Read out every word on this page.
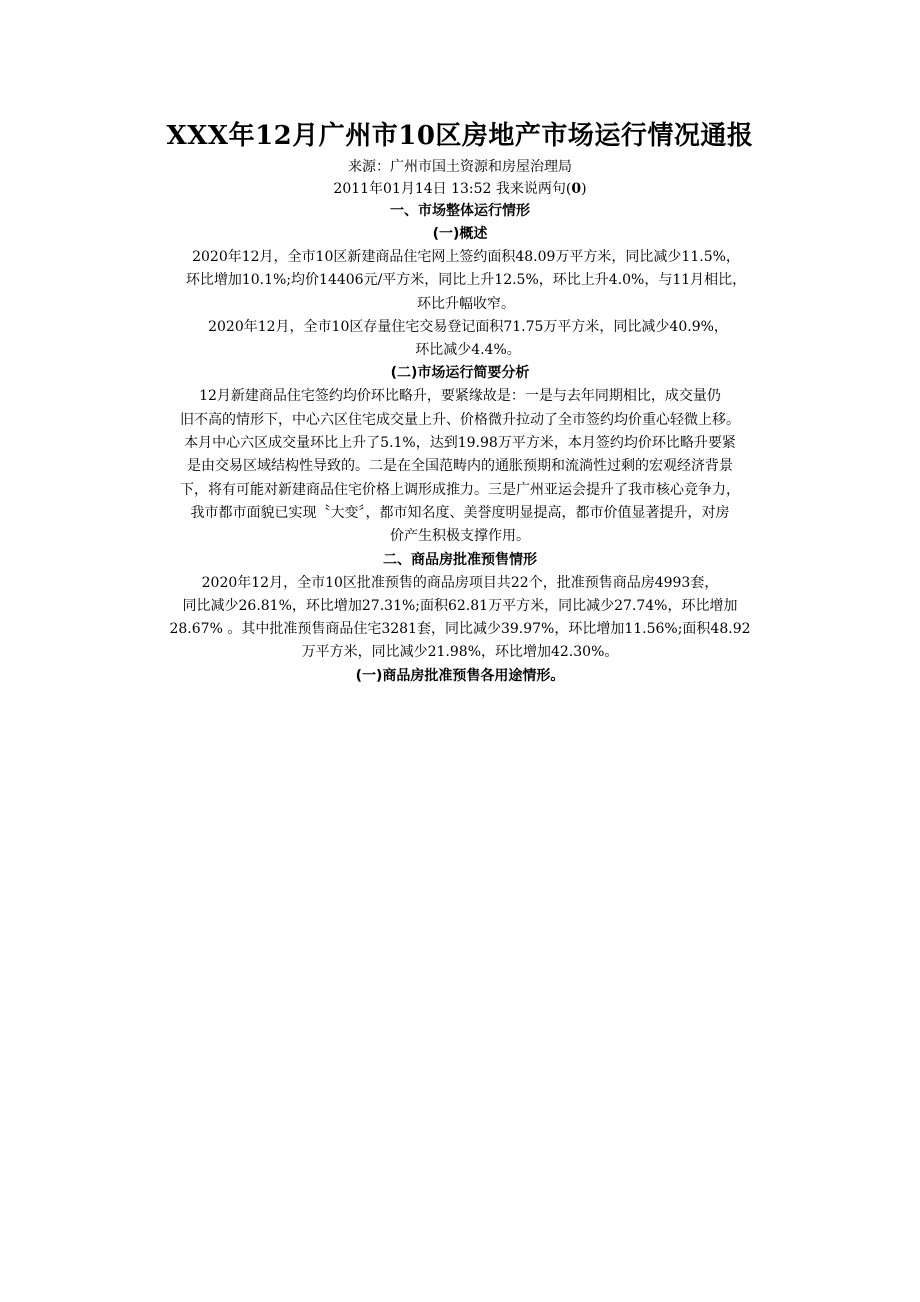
XXX年12月广州市10区房地产市场运行情况通报

来源：广州市国土资源和房屋治理局

2011年01月14日 13:52 我来说两句(0)

一、市场整体运行情形
(一)概述

2020年12月，全市10区新建商品住宅网上签约面积48.09万平方米，同比减少11.5%，
环比增加10.1%;均价14406元/平方米，同比上升12.5%，环比上升4.0%，与11月相比，
环比升幅收窄。

2020年12月，全市10区存量住宅交易登记面积71.75万平方米，同比减少40.9%，
环比减少4.4%。

(二)市场运行简要分析

12月新建商品住宅签约均价环比略升，要紧缘故是：一是与去年同期相比，成交量仍
旧不高的情形下，中心六区住宅成交量上升、价格微升拉动了全市签约均价重心轻微上移。
本月中心六区成交量环比上升了5.1%，达到19.98万平方米，本月签约均价环比略升要紧
是由交易区域结构性导致的。二是在全国范畴内的通胀预期和流淌性过剩的宏观经济背景
下，将有可能对新建商品住宅价格上调形成推力。三是广州亚运会提升了我市核心竞争力，
我市都市面貌已实现〝大变〞，都市知名度、美誉度明显提高，都市价值显著提升，对房
价产生积极支撑作用。

二、商品房批准预售情形

2020年12月，全市10区批准预售的商品房项目共22个，批准预售商品房4993套，
同比减少26.81%，环比增加27.31%;面积62.81万平方米，同比减少27.74%，环比增加
28.67% 。其中批准预售商品住宅3281套，同比减少39.97%，环比增加11.56%;面积48.92
万平方米，同比减少21.98%，环比增加42.30%。

(一)商品房批准预售各用途情形。
